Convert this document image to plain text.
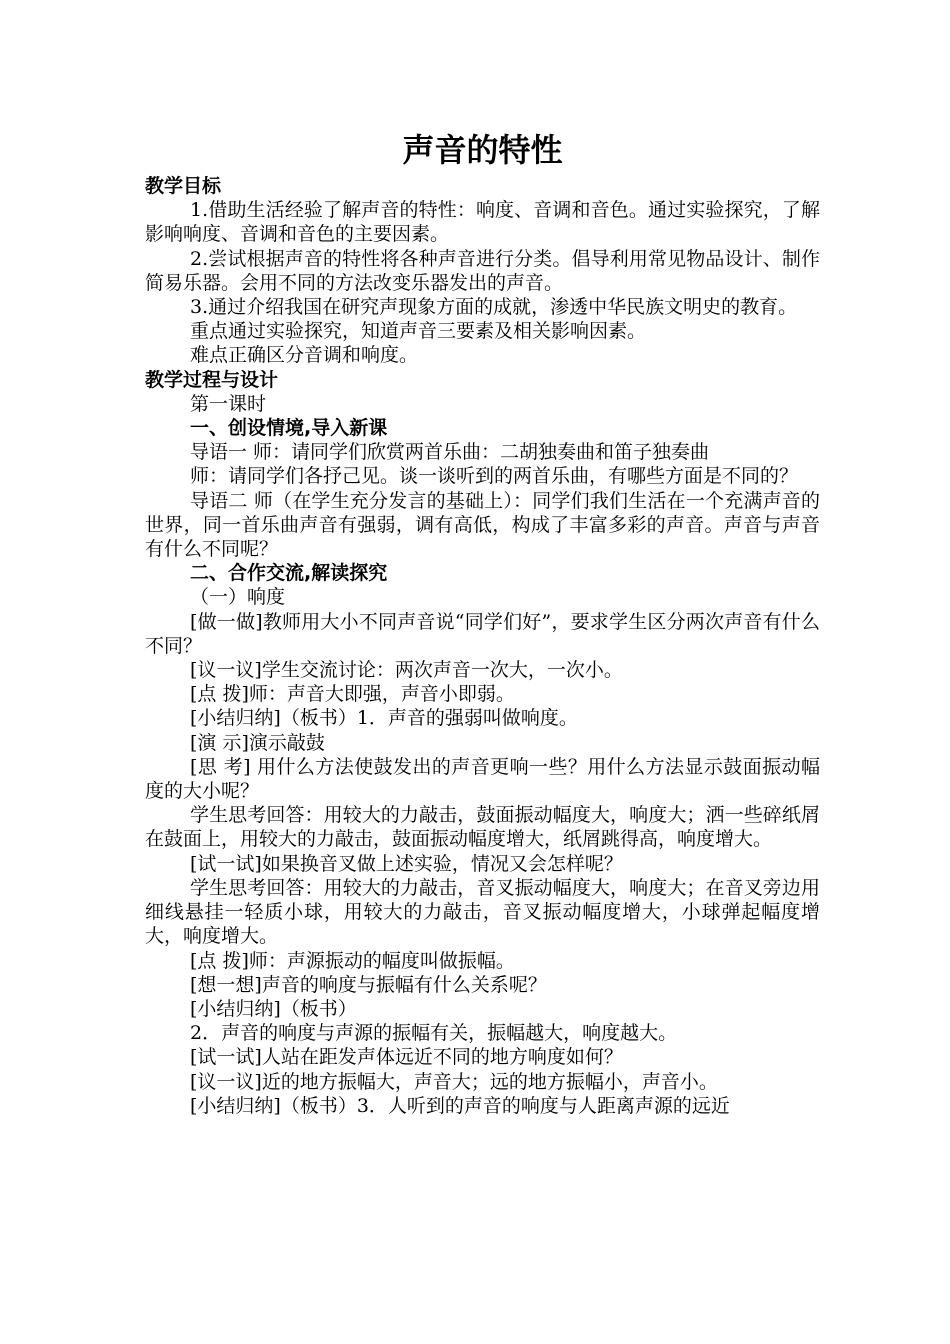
声音的特性
教学目标

1.借助生活经验了解声音的特性：响度、音调和音色。通过实验探究，了解影响响度、音调和音色的主要因素。

2.尝试根据声音的特性将各种声音进行分类。倡导利用常见物品设计、制作简易乐器。会用不同的方法改变乐器发出的声音。

3.通过介绍我国在研究声现象方面的成就，渗透中华民族文明史的教育。

重点通过实验探究，知道声音三要素及相关影响因素。

难点正确区分音调和响度。

教学过程与设计

第一课时

一、创设情境,导入新课

导语一 师：请同学们欣赏两首乐曲：二胡独奏曲和笛子独奏曲

师：请同学们各抒己见。谈一谈听到的两首乐曲，有哪些方面是不同的？

导语二 师（在学生充分发言的基础上）：同学们我们生活在一个充满声音的世界，同一首乐曲声音有强弱，调有高低，构成了丰富多彩的声音。声音与声音有什么不同呢？

二、合作交流,解读探究

（一）响度

[做一做]教师用大小不同声音说“同学们好”，要求学生区分两次声音有什么不同？

[议一议]学生交流讨论：两次声音一次大，一次小。

[点 拨]师：声音大即强，声音小即弱。

[小结归纳]（板书）1．声音的强弱叫做响度。

[演 示]演示敲鼓

[思 考] 用什么方法使鼓发出的声音更响一些？用什么方法显示鼓面振动幅度的大小呢？

学生思考回答：用较大的力敲击，鼓面振动幅度大，响度大；洒一些碎纸屑在鼓面上，用较大的力敲击，鼓面振动幅度增大，纸屑跳得高，响度增大。

[试一试]如果换音叉做上述实验，情况又会怎样呢？

学生思考回答：用较大的力敲击，音叉振动幅度大，响度大；在音叉旁边用细线悬挂一轻质小球，用较大的力敲击，音叉振动幅度增大，小球弹起幅度增大，响度增大。

[点 拨]师：声源振动的幅度叫做振幅。

[想一想]声音的响度与振幅有什么关系呢？

[小结归纳]（板书）

2．声音的响度与声源的振幅有关，振幅越大，响度越大。

[试一试]人站在距发声体远近不同的地方响度如何？

[议一议]近的地方振幅大，声音大；远的地方振幅小，声音小。

[小结归纳]（板书）3．人听到的声音的响度与人距离声源的远近
